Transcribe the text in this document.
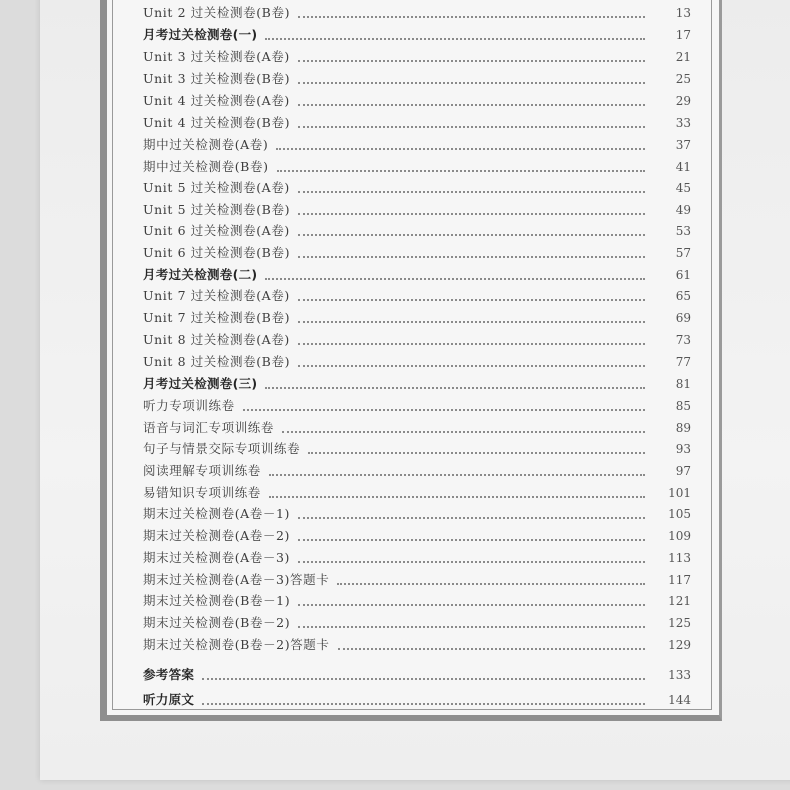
Unit 2 过关检测卷(B卷)	13
月考过关检测卷(一)	17
Unit 3 过关检测卷(A卷)	21
Unit 3 过关检测卷(B卷)	25
Unit 4 过关检测卷(A卷)	29
Unit 4 过关检测卷(B卷)	33
期中过关检测卷(A卷)	37
期中过关检测卷(B卷)	41
Unit 5 过关检测卷(A卷)	45
Unit 5 过关检测卷(B卷)	49
Unit 6 过关检测卷(A卷)	53
Unit 6 过关检测卷(B卷)	57
月考过关检测卷(二)	61
Unit 7 过关检测卷(A卷)	65
Unit 7 过关检测卷(B卷)	69
Unit 8 过关检测卷(A卷)	73
Unit 8 过关检测卷(B卷)	77
月考过关检测卷(三)	81
听力专项训练卷	85
语音与词汇专项训练卷	89
句子与情景交际专项训练卷	93
阅读理解专项训练卷	97
易错知识专项训练卷	101
期末过关检测卷(A卷－1)	105
期末过关检测卷(A卷－2)	109
期末过关检测卷(A卷－3)	113
期末过关检测卷(A卷－3)答题卡	117
期末过关检测卷(B卷－1)	121
期末过关检测卷(B卷－2)	125
期末过关检测卷(B卷－2)答题卡	129
参考答案	133
听力原文	144
